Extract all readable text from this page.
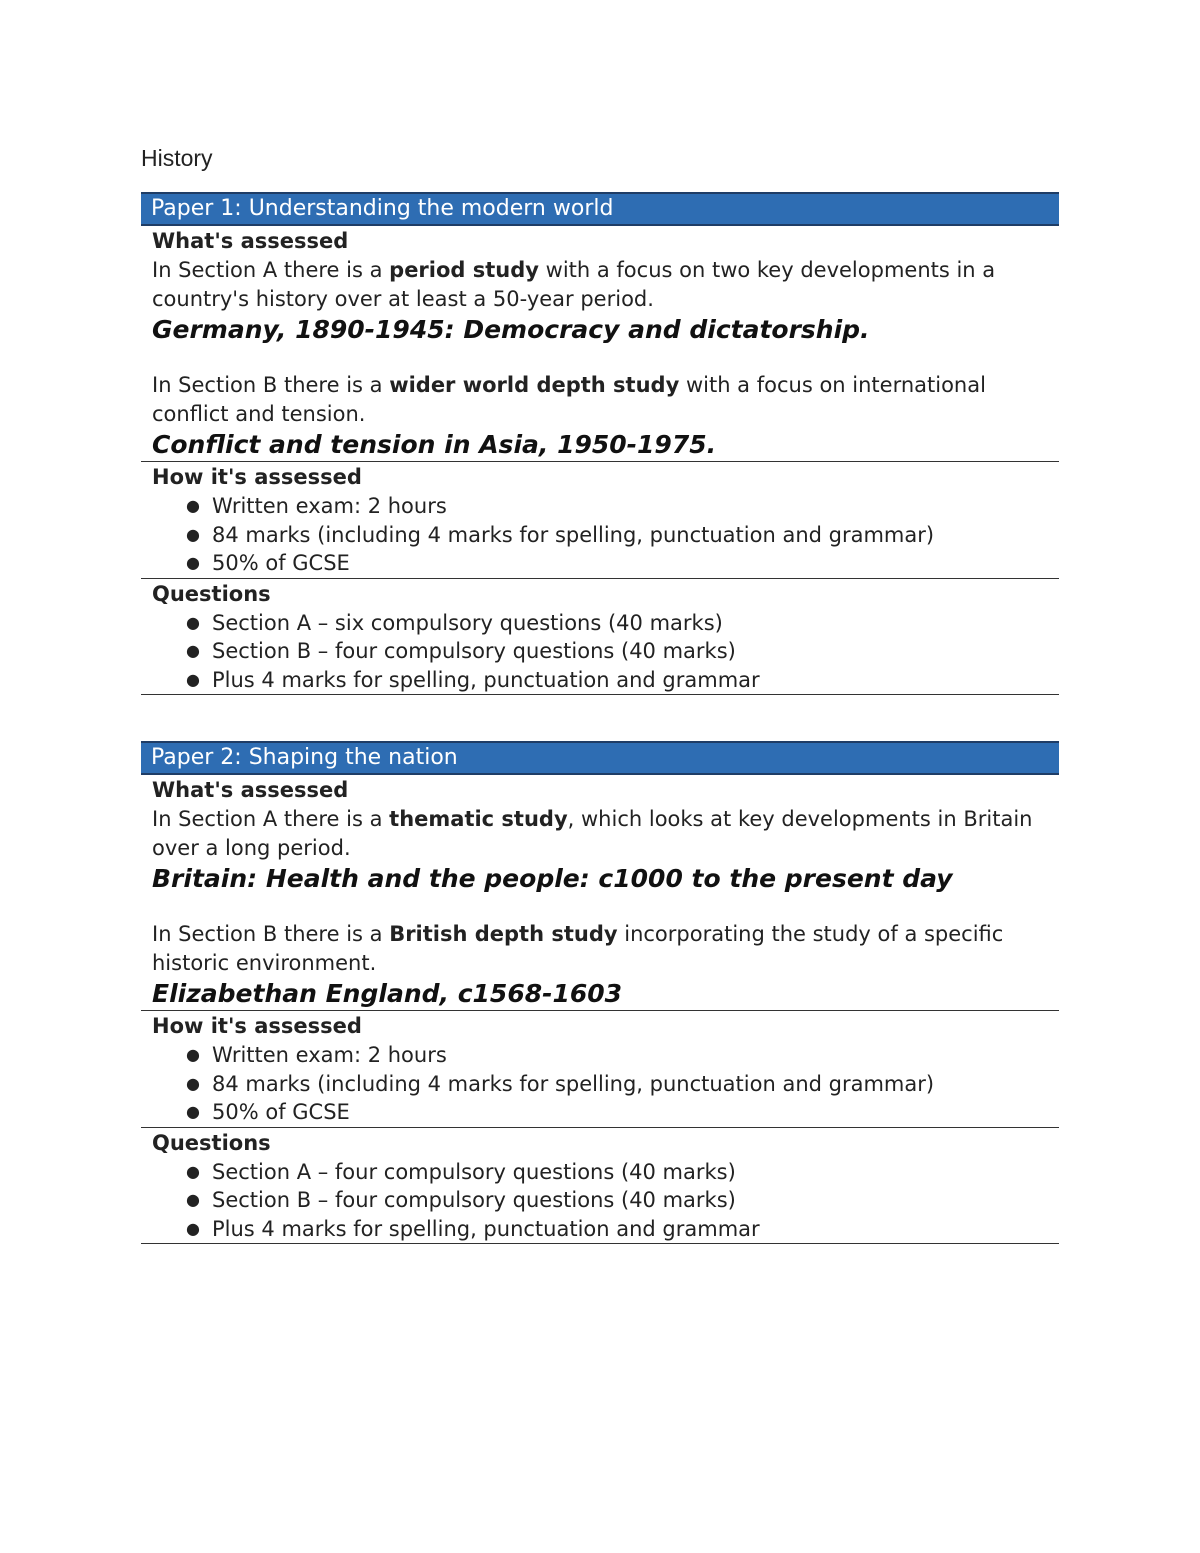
History
Paper 1: Understanding the modern world
What's assessed
In Section A there is a period study with a focus on two key developments in a country's history over at least a 50-year period.
Germany, 1890-1945: Democracy and dictatorship.
In Section B there is a wider world depth study with a focus on international conflict and tension.
Conflict and tension in Asia, 1950-1975.
How it's assessed
● Written exam: 2 hours
● 84 marks (including 4 marks for spelling, punctuation and grammar)
● 50% of GCSE
Questions
● Section A – six compulsory questions (40 marks)
● Section B – four compulsory questions (40 marks)
● Plus 4 marks for spelling, punctuation and grammar
Paper 2: Shaping the nation
What's assessed
In Section A there is a thematic study, which looks at key developments in Britain over a long period.
Britain: Health and the people: c1000 to the present day
In Section B there is a British depth study incorporating the study of a specific historic environment.
Elizabethan England, c1568-1603
How it's assessed
● Written exam: 2 hours
● 84 marks (including 4 marks for spelling, punctuation and grammar)
● 50% of GCSE
Questions
● Section A – four compulsory questions (40 marks)
● Section B – four compulsory questions (40 marks)
● Plus 4 marks for spelling, punctuation and grammar
